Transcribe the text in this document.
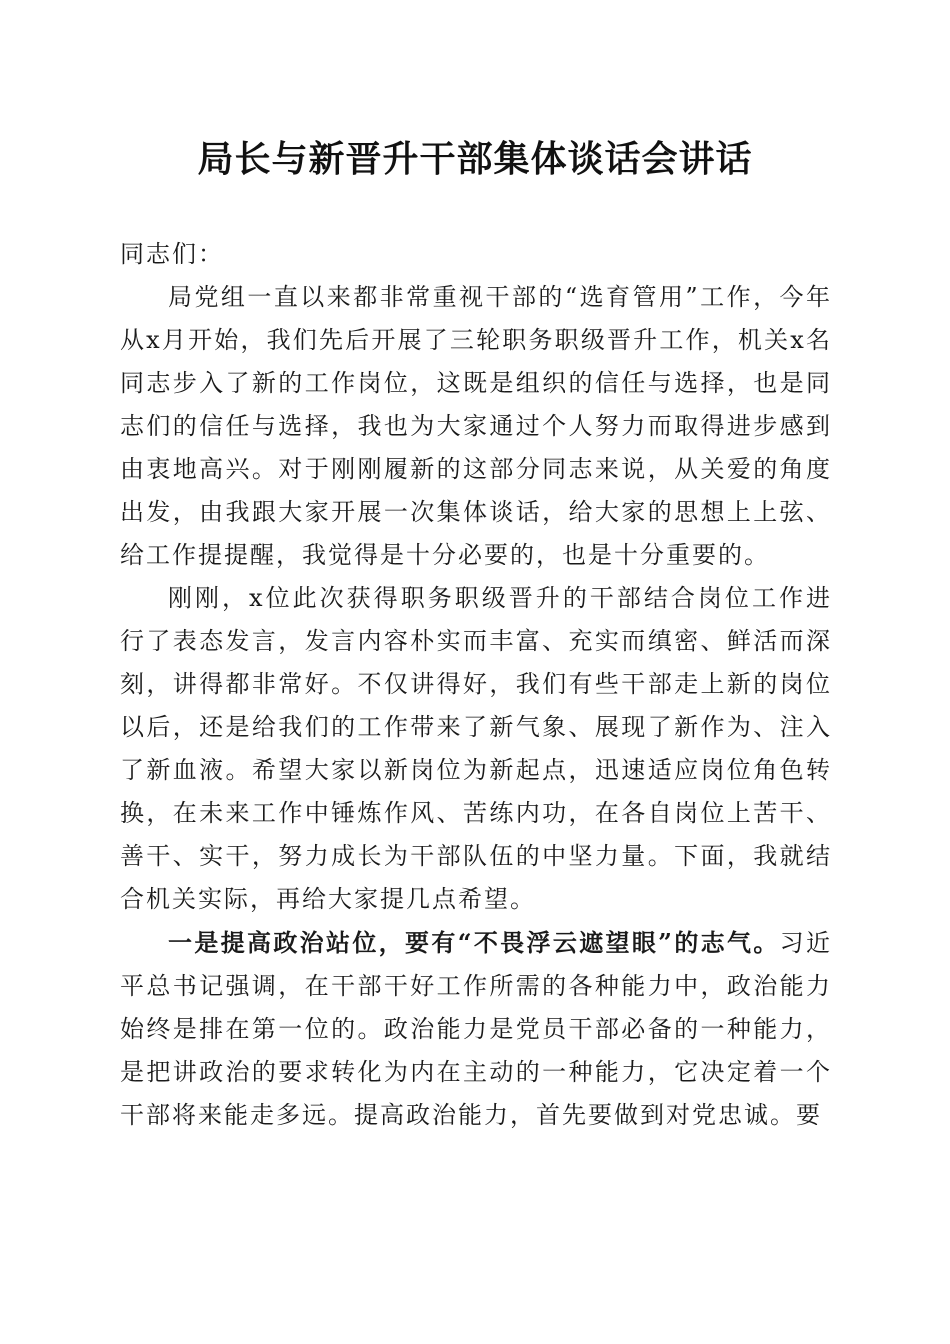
局长与新晋升干部集体谈话会讲话

同志们：

局党组一直以来都非常重视干部的“选育管用”工作，今年从x月开始，我们先后开展了三轮职务职级晋升工作，机关x名同志步入了新的工作岗位，这既是组织的信任与选择，也是同志们的信任与选择，我也为大家通过个人努力而取得进步感到由衷地高兴。对于刚刚履新的这部分同志来说，从关爱的角度出发，由我跟大家开展一次集体谈话，给大家的思想上上弦、给工作提提醒，我觉得是十分必要的，也是十分重要的。

刚刚，x位此次获得职务职级晋升的干部结合岗位工作进行了表态发言，发言内容朴实而丰富、充实而缜密、鲜活而深刻，讲得都非常好。不仅讲得好，我们有些干部走上新的岗位以后，还是给我们的工作带来了新气象、展现了新作为、注入了新血液。希望大家以新岗位为新起点，迅速适应岗位角色转换，在未来工作中锤炼作风、苦练内功，在各自岗位上苦干、善干、实干，努力成长为干部队伍的中坚力量。下面，我就结合机关实际，再给大家提几点希望。

一是提高政治站位，要有“不畏浮云遮望眼”的志气。习近平总书记强调，在干部干好工作所需的各种能力中，政治能力始终是排在第一位的。政治能力是党员干部必备的一种能力，是把讲政治的要求转化为内在主动的一种能力，它决定着一个干部将来能走多远。提高政治能力，首先要做到对党忠诚。要
